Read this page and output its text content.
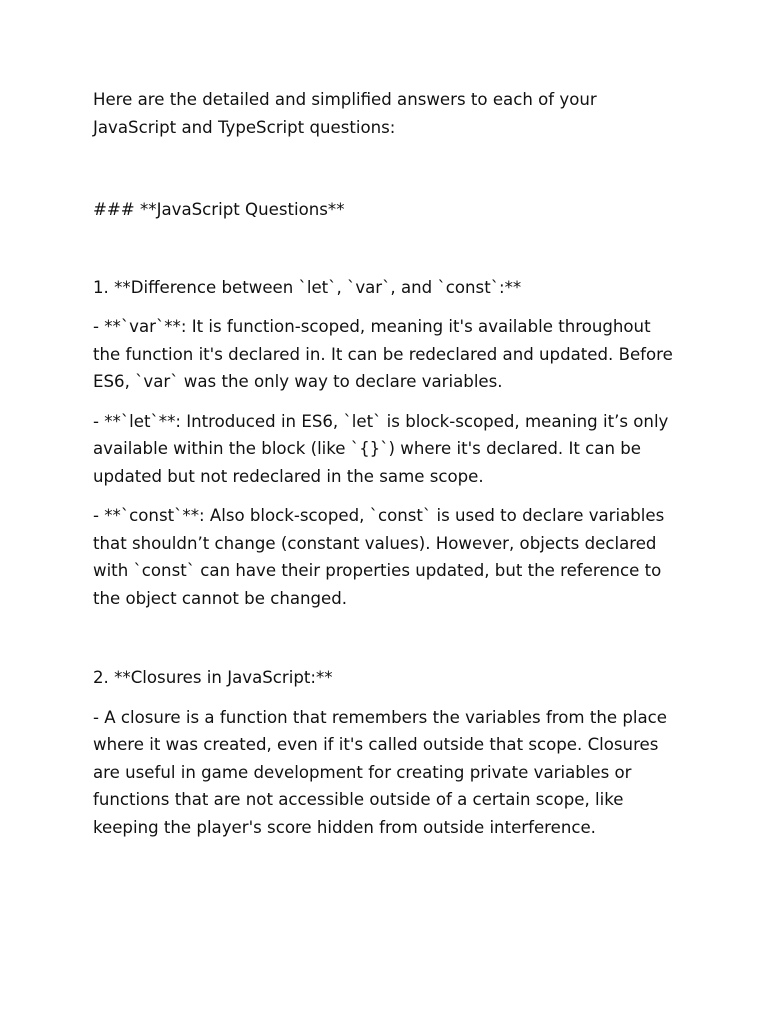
Here are the detailed and simplified answers to each of your JavaScript and TypeScript questions:

### **JavaScript Questions**

1. **Difference between `let`, `var`, and `const`:**

- **`var`**: It is function-scoped, meaning it's available throughout the function it's declared in. It can be redeclared and updated. Before ES6, `var` was the only way to declare variables.

- **`let`**: Introduced in ES6, `let` is block-scoped, meaning it’s only available within the block (like `{}`) where it's declared. It can be updated but not redeclared in the same scope.

- **`const`**: Also block-scoped, `const` is used to declare variables that shouldn’t change (constant values). However, objects declared with `const` can have their properties updated, but the reference to the object cannot be changed.

2. **Closures in JavaScript:**

- A closure is a function that remembers the variables from the place where it was created, even if it's called outside that scope. Closures are useful in game development for creating private variables or functions that are not accessible outside of a certain scope, like keeping the player's score hidden from outside interference.
